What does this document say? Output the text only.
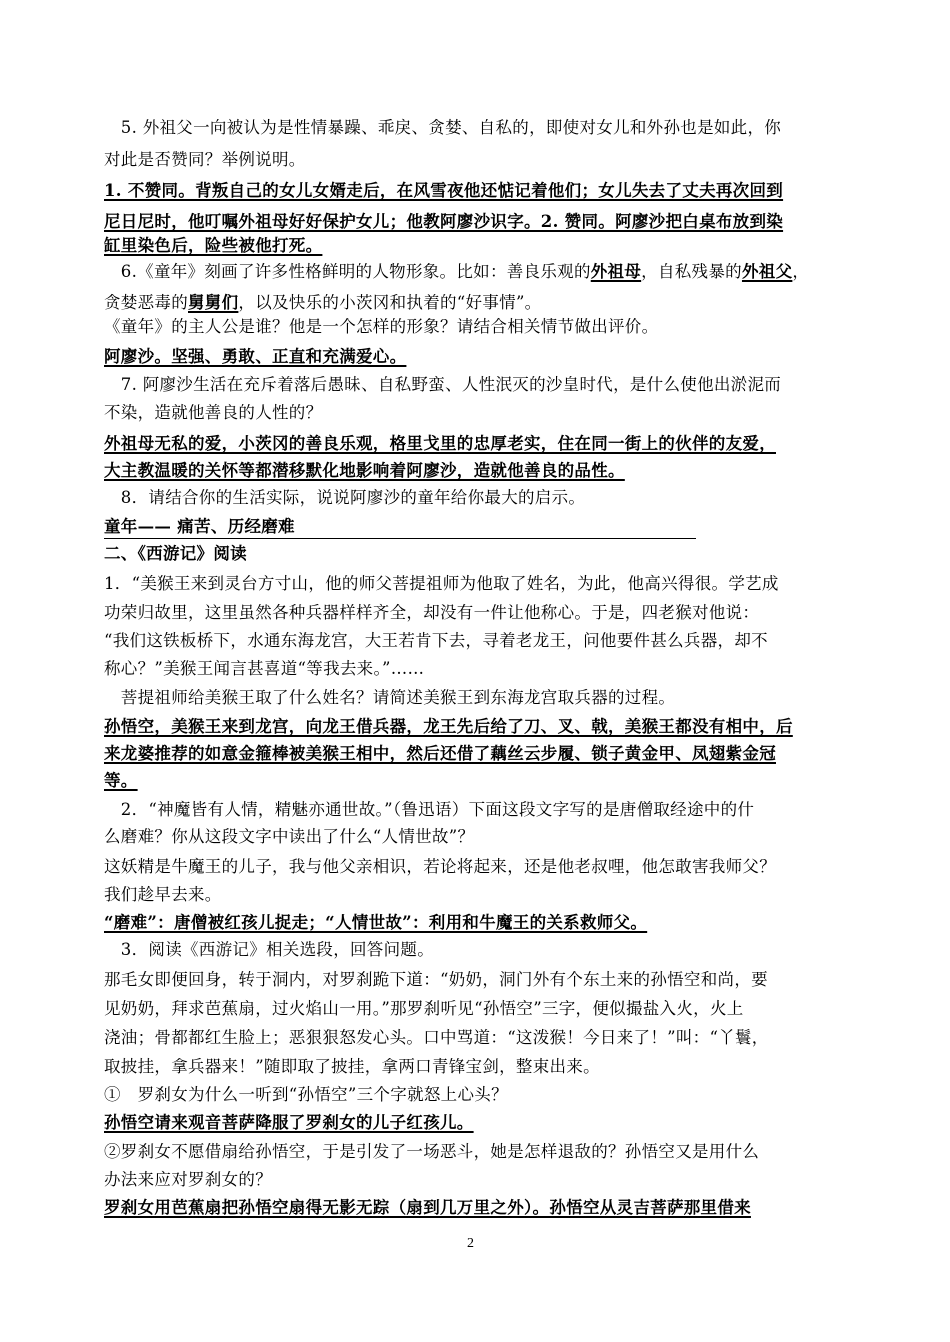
　5. 外祖父一向被认为是性情暴躁、乖戾、贪婪、自私的，即使对女儿和外孙也是如此，你
对此是否赞同？举例说明。
1. 不赞同。背叛自己的女儿女婿走后，在风雪夜他还惦记着他们；女儿失去了丈夫再次回到
尼日尼时，他叮嘱外祖母好好保护女儿；他教阿廖沙识字。2. 赞同。阿廖沙把白桌布放到染
缸里染色后，险些被他打死。
　6.《童年》刻画了许多性格鲜明的人物形象。比如：善良乐观的外祖母，自私残暴的外祖父，
贪婪恶毒的舅舅们，以及快乐的小茨冈和执着的“好事情”。
《童年》的主人公是谁？他是一个怎样的形象？请结合相关情节做出评价。
阿廖沙。坚强、勇敢、正直和充满爱心。
　7. 阿廖沙生活在充斥着落后愚昧、自私野蛮、人性泯灭的沙皇时代，是什么使他出淤泥而
不染，造就他善良的人性的？
外祖母无私的爱，小茨冈的善良乐观，格里戈里的忠厚老实，住在同一街上的伙伴的友爱，
大主教温暖的关怀等都潜移默化地影响着阿廖沙，造就他善良的品性。
　8．请结合你的生活实际，说说阿廖沙的童年给你最大的启示。
童年—— 痛苦、历经磨难
二、《西游记》阅读
1．“美猴王来到灵台方寸山，他的师父菩提祖师为他取了姓名，为此，他高兴得很。学艺成
功荣归故里，这里虽然各种兵器样样齐全，却没有一件让他称心。于是，四老猴对他说：
“我们这铁板桥下，水通东海龙宫，大王若肯下去，寻着老龙王，问他要件甚么兵器，却不
称心？”美猴王闻言甚喜道“等我去来。”……
　菩提祖师给美猴王取了什么姓名？请简述美猴王到东海龙宫取兵器的过程。
孙悟空，美猴王来到龙宫，向龙王借兵器，龙王先后给了刀、叉、戟，美猴王都没有相中，后
来龙婆推荐的如意金箍棒被美猴王相中，然后还借了藕丝云步履、锁子黄金甲、凤翅紫金冠
等。
　2．“神魔皆有人情，精魅亦通世故。”（鲁迅语）下面这段文字写的是唐僧取经途中的什
么磨难？你从这段文字中读出了什么“人情世故”？
这妖精是牛魔王的儿子，我与他父亲相识，若论将起来，还是他老叔哩，他怎敢害我师父？
我们趁早去来。
“磨难”：唐僧被红孩儿捉走；“人情世故”：利用和牛魔王的关系救师父。
　3．阅读《西游记》相关选段，回答问题。
那毛女即便回身，转于洞内，对罗刹跪下道：“奶奶，洞门外有个东土来的孙悟空和尚，要
见奶奶，拜求芭蕉扇，过火焰山一用。”那罗刹听见“孙悟空”三字，便似撮盐入火，火上
浇油；骨都都红生脸上；恶狠狠怒发心头。口中骂道：“这泼猴！今日来了！”叫：“丫鬟，
取披挂，拿兵器来！”随即取了披挂，拿两口青锋宝剑，整束出来。
①　罗刹女为什么一听到“孙悟空”三个字就怒上心头？
孙悟空请来观音菩萨降服了罗刹女的儿子红孩儿。
②罗刹女不愿借扇给孙悟空，于是引发了一场恶斗，她是怎样退敌的？孙悟空又是用什么
办法来应对罗刹女的？
罗刹女用芭蕉扇把孙悟空扇得无影无踪（扇到几万里之外）。孙悟空从灵吉菩萨那里借来
2
